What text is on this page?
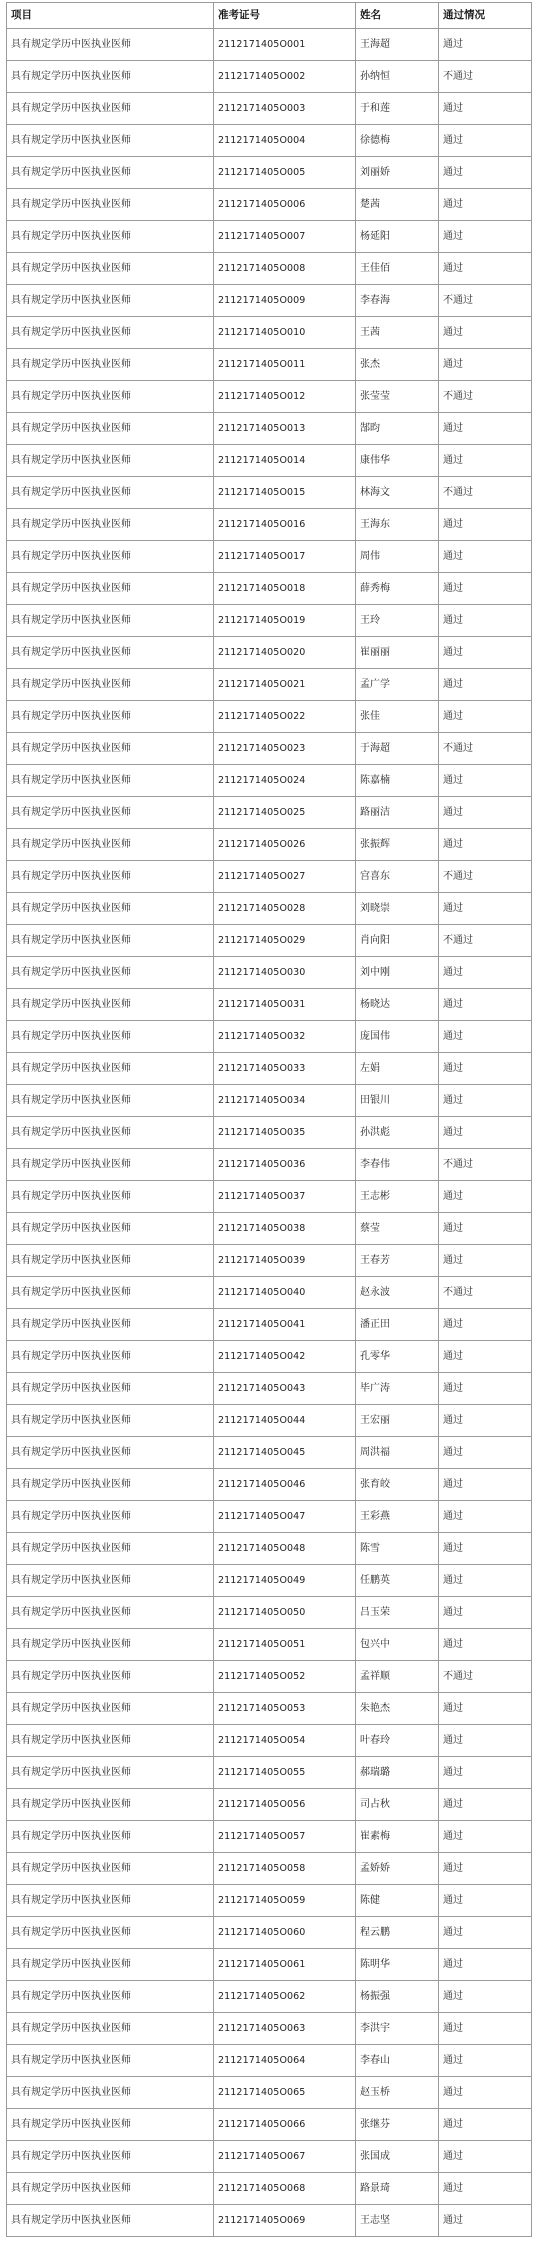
项目	准考证号	姓名	通过情况
具有规定学历中医执业医师	2112171405O001	王海超	通过
具有规定学历中医执业医师	2112171405O002	孙纳恒	不通过
具有规定学历中医执业医师	2112171405O003	于和莲	通过
具有规定学历中医执业医师	2112171405O004	徐德梅	通过
具有规定学历中医执业医师	2112171405O005	刘丽娇	通过
具有规定学历中医执业医师	2112171405O006	楚茜	通过
具有规定学历中医执业医师	2112171405O007	杨延阳	通过
具有规定学历中医执业医师	2112171405O008	王佳佰	通过
具有规定学历中医执业医师	2112171405O009	李春海	不通过
具有规定学历中医执业医师	2112171405O010	王茜	通过
具有规定学历中医执业医师	2112171405O011	张杰	通过
具有规定学历中医执业医师	2112171405O012	张莹莹	不通过
具有规定学历中医执业医师	2112171405O013	郜昀	通过
具有规定学历中医执业医师	2112171405O014	康伟华	通过
具有规定学历中医执业医师	2112171405O015	林海文	不通过
具有规定学历中医执业医师	2112171405O016	王海东	通过
具有规定学历中医执业医师	2112171405O017	周伟	通过
具有规定学历中医执业医师	2112171405O018	薛秀梅	通过
具有规定学历中医执业医师	2112171405O019	王玲	通过
具有规定学历中医执业医师	2112171405O020	崔丽丽	通过
具有规定学历中医执业医师	2112171405O021	孟广学	通过
具有规定学历中医执业医师	2112171405O022	张佳	通过
具有规定学历中医执业医师	2112171405O023	于海超	不通过
具有规定学历中医执业医师	2112171405O024	陈嘉楠	通过
具有规定学历中医执业医师	2112171405O025	路丽洁	通过
具有规定学历中医执业医师	2112171405O026	张振辉	通过
具有规定学历中医执业医师	2112171405O027	宫喜东	不通过
具有规定学历中医执业医师	2112171405O028	刘晓崇	通过
具有规定学历中医执业医师	2112171405O029	肖向阳	不通过
具有规定学历中医执业医师	2112171405O030	刘中刚	通过
具有规定学历中医执业医师	2112171405O031	杨晓达	通过
具有规定学历中医执业医师	2112171405O032	庞国伟	通过
具有规定学历中医执业医师	2112171405O033	左娟	通过
具有规定学历中医执业医师	2112171405O034	田银川	通过
具有规定学历中医执业医师	2112171405O035	孙洪彪	通过
具有规定学历中医执业医师	2112171405O036	李春伟	不通过
具有规定学历中医执业医师	2112171405O037	王志彬	通过
具有规定学历中医执业医师	2112171405O038	蔡莹	通过
具有规定学历中医执业医师	2112171405O039	王春芳	通过
具有规定学历中医执业医师	2112171405O040	赵永波	不通过
具有规定学历中医执业医师	2112171405O041	潘正田	通过
具有规定学历中医执业医师	2112171405O042	孔零华	通过
具有规定学历中医执业医师	2112171405O043	毕广涛	通过
具有规定学历中医执业医师	2112171405O044	王宏丽	通过
具有规定学历中医执业医师	2112171405O045	周洪福	通过
具有规定学历中医执业医师	2112171405O046	张育皎	通过
具有规定学历中医执业医师	2112171405O047	王彩燕	通过
具有规定学历中医执业医师	2112171405O048	陈雪	通过
具有规定学历中医执业医师	2112171405O049	任鹏英	通过
具有规定学历中医执业医师	2112171405O050	吕玉荣	通过
具有规定学历中医执业医师	2112171405O051	包兴中	通过
具有规定学历中医执业医师	2112171405O052	孟祥顺	不通过
具有规定学历中医执业医师	2112171405O053	朱艳杰	通过
具有规定学历中医执业医师	2112171405O054	叶春玲	通过
具有规定学历中医执业医师	2112171405O055	郝瑞璐	通过
具有规定学历中医执业医师	2112171405O056	司占秋	通过
具有规定学历中医执业医师	2112171405O057	崔素梅	通过
具有规定学历中医执业医师	2112171405O058	孟娇娇	通过
具有规定学历中医执业医师	2112171405O059	陈健	通过
具有规定学历中医执业医师	2112171405O060	程云鹏	通过
具有规定学历中医执业医师	2112171405O061	陈明华	通过
具有规定学历中医执业医师	2112171405O062	杨振强	通过
具有规定学历中医执业医师	2112171405O063	李洪宇	通过
具有规定学历中医执业医师	2112171405O064	李春山	通过
具有规定学历中医执业医师	2112171405O065	赵玉桥	通过
具有规定学历中医执业医师	2112171405O066	张继芬	通过
具有规定学历中医执业医师	2112171405O067	张国成	通过
具有规定学历中医执业医师	2112171405O068	路景琦	通过
具有规定学历中医执业医师	2112171405O069	王志坚	通过
